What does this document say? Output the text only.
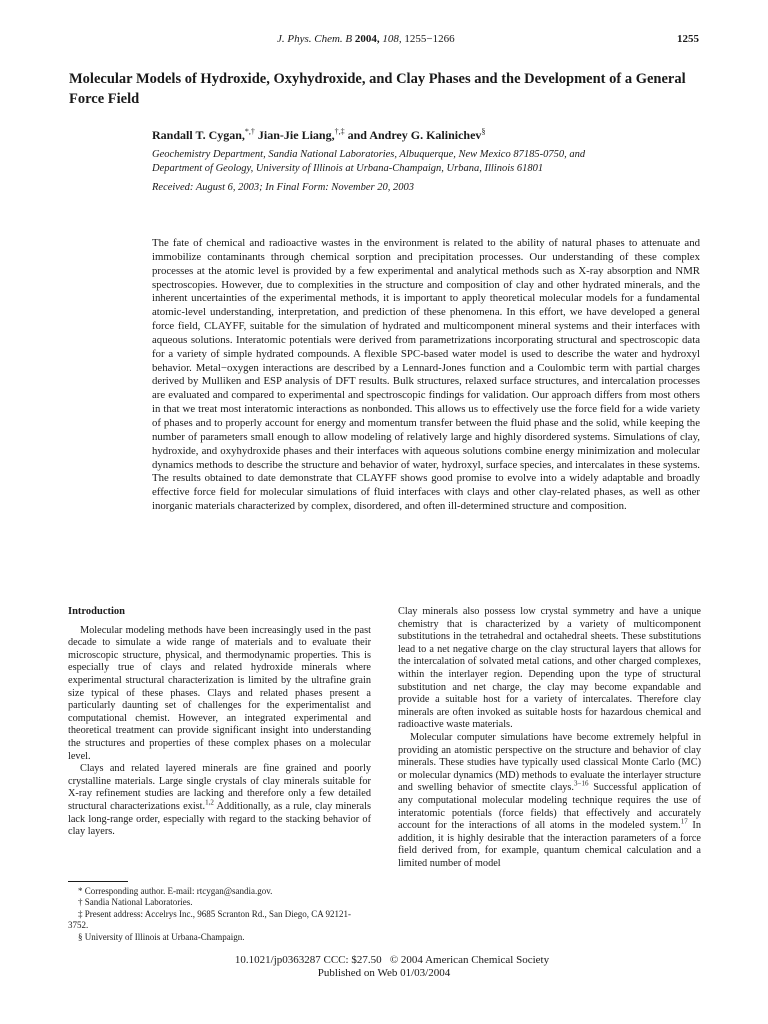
J. Phys. Chem. B 2004, 108, 1255−1266	1255
Molecular Models of Hydroxide, Oxyhydroxide, and Clay Phases and the Development of a General Force Field
Randall T. Cygan,*,† Jian-Jie Liang,†,‡ and Andrey G. Kalinichev§
Geochemistry Department, Sandia National Laboratories, Albuquerque, New Mexico 87185-0750, and
Department of Geology, University of Illinois at Urbana-Champaign, Urbana, Illinois 61801
Received: August 6, 2003; In Final Form: November 20, 2003

The fate of chemical and radioactive wastes in the environment is related to the ability of natural phases to attenuate and immobilize contaminants through chemical sorption and precipitation processes. Our understanding of these complex processes at the atomic level is provided by a few experimental and analytical methods such as X-ray absorption and NMR spectroscopies. However, due to complexities in the structure and composition of clay and other hydrated minerals, and the inherent uncertainties of the experimental methods, it is important to apply theoretical molecular models for a fundamental atomic-level understanding, interpretation, and prediction of these phenomena. In this effort, we have developed a general force field, CLAYFF, suitable for the simulation of hydrated and multicomponent mineral systems and their interfaces with aqueous solutions. Interatomic potentials were derived from parametrizations incorporating structural and spectroscopic data for a variety of simple hydrated compounds. A flexible SPC-based water model is used to describe the water and hydroxyl behavior. Metal−oxygen interactions are described by a Lennard-Jones function and a Coulombic term with partial charges derived by Mulliken and ESP analysis of DFT results. Bulk structures, relaxed surface structures, and intercalation processes are evaluated and compared to experimental and spectroscopic findings for validation. Our approach differs from most others in that we treat most interatomic interactions as nonbonded. This allows us to effectively use the force field for a wide variety of phases and to properly account for energy and momentum transfer between the fluid phase and the solid, while keeping the number of parameters small enough to allow modeling of relatively large and highly disordered systems. Simulations of clay, hydroxide, and oxyhydroxide phases and their interfaces with aqueous solutions combine energy minimization and molecular dynamics methods to describe the structure and behavior of water, hydroxyl, surface species, and intercalates in these systems. The results obtained to date demonstrate that CLAYFF shows good promise to evolve into a widely adaptable and broadly effective force field for molecular simulations of fluid interfaces with clays and other clay-related phases, as well as other inorganic materials characterized by complex, disordered, and often ill-determined structure and composition.

Introduction

Molecular modeling methods have been increasingly used in the past decade to simulate a wide range of materials and to evaluate their microscopic structure, physical, and thermodynamic properties. This is especially true of clays and related hydroxide minerals where experimental structural characterization is limited by the ultrafine grain size typical of these phases. Clays and related phases present a particularly daunting set of challenges for the experimentalist and computational chemist. However, an integrated experimental and theoretical treatment can provide significant insight into understanding the structures and properties of these complex phases on a molecular level.

Clays and related layered minerals are fine grained and poorly crystalline materials. Large single crystals of clay minerals suitable for X-ray refinement studies are lacking and therefore only a few detailed structural characterizations exist.$^{1,2}$ Additionally, as a rule, clay minerals lack long-range order, especially with regard to the stacking behavior of clay layers.

* Corresponding author. E-mail: rtcygan@sandia.gov.
† Sandia National Laboratories.
‡ Present address: Accelrys Inc., 9685 Scranton Rd., San Diego, CA 92121-3752.
§ University of Illinois at Urbana-Champaign.

Clay minerals also possess low crystal symmetry and have a unique chemistry that is characterized by a variety of multicomponent substitutions in the tetrahedral and octahedral sheets. These substitutions lead to a net negative charge on the clay structural layers that allows for the intercalation of solvated metal cations, and other charged complexes, within the interlayer region. Depending upon the type of structural substitution and net charge, the clay may become expandable and provide a suitable host for a variety of intercalates. Therefore clay minerals are often invoked as suitable hosts for hazardous chemical and radioactive waste materials.

Molecular computer simulations have become extremely helpful in providing an atomistic perspective on the structure and behavior of clay minerals. These studies have typically used classical Monte Carlo (MC) or molecular dynamics (MD) methods to evaluate the interlayer structure and swelling behavior of smectite clays.$^{3-16}$ Successful application of any computational molecular modeling technique requires the use of interatomic potentials (force fields) that effectively and accurately account for the interactions of all atoms in the modeled system.$^{17}$ In addition, it is highly desirable that the interaction parameters of a force field derived from, for example, quantum chemical calculation and a limited number of model

10.1021/jp0363287 CCC: $27.50 © 2004 American Chemical Society
Published on Web 01/03/2004
